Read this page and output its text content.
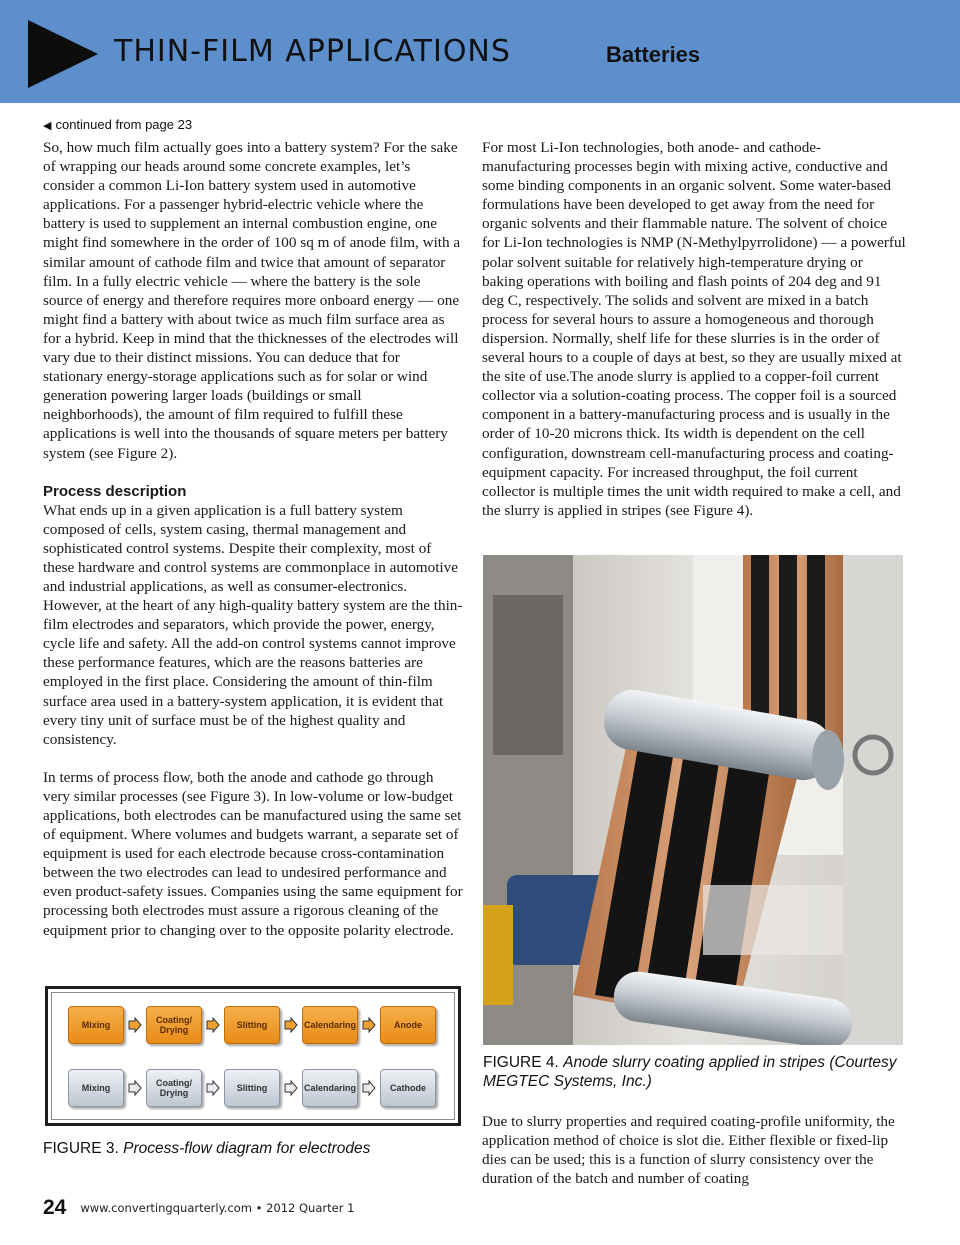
THIN-FILM APPLICATIONS	Batteries
◀ continued from page 23

So, how much film actually goes into a battery system? For the sake of wrapping our heads around some concrete examples, let’s consider a common Li-Ion battery system used in automotive applications. For a passenger hybrid-electric vehicle where the battery is used to supplement an internal combustion engine, one might find somewhere in the order of 100 sq m of anode film, with a similar amount of cathode film and twice that amount of separator film. In a fully electric vehicle — where the battery is the sole source of energy and therefore requires more onboard energy — one might find a battery with about twice as much film surface area as for a hybrid. Keep in mind that the thicknesses of the electrodes will vary due to their distinct missions. You can deduce that for stationary energy-storage applications such as for solar or wind generation powering larger loads (buildings or small neighborhoods), the amount of film required to fulfill these applications is well into the thousands of square meters per battery system (see Figure 2).

Process description

What ends up in a given application is a full battery system composed of cells, system casing, thermal management and sophisticated control systems. Despite their complexity, most of these hardware and control systems are commonplace in automotive and industrial applications, as well as consumer-electronics. However, at the heart of any high-quality battery system are the thin-film electrodes and separators, which provide the power, energy, cycle life and safety. All the add-on control systems cannot improve these performance features, which are the reasons batteries are employed in the first place. Considering the amount of thin-film surface area used in a battery-system application, it is evident that every tiny unit of surface must be of the highest quality and consistency.

In terms of process flow, both the anode and cathode go through very similar processes (see Figure 3). In low-volume or low-budget applications, both electrodes can be manufactured using the same set of equipment. Where volumes and budgets warrant, a separate set of equipment is used for each electrode because cross-contamination between the two electrodes can lead to undesired performance and even product-safety issues. Companies using the same equipment for processing both electrodes must assure a rigorous cleaning of the equipment prior to changing over to the opposite polarity electrode.

Mixing	Coating/
Drying	Slitting	Calendaring	Anode
Mixing	Coating/
Drying	Slitting	Calendaring	Cathode
FIGURE 3. Process-flow diagram for electrodes

For most Li-Ion technologies, both anode- and cathode-manufacturing processes begin with mixing active, conductive and some binding components in an organic solvent. Some water-based formulations have been developed to get away from the need for organic solvents and their flammable nature. The solvent of choice for Li-Ion technologies is NMP (N-Methylpyrrolidone) — a powerful polar solvent suitable for relatively high-temperature drying or baking operations with boiling and flash points of 204 deg and 91 deg C, respectively. The solids and solvent are mixed in a batch process for several hours to assure a homogeneous and thorough dispersion. Normally, shelf life for these slurries is in the order of several hours to a couple of days at best, so they are usually mixed at the site of use.The anode slurry is applied to a copper-foil current collector via a solution-coating process. The copper foil is a sourced component in a battery-manufacturing process and is usually in the order of 10-20 microns thick. Its width is dependent on the cell configuration, downstream cell-manufacturing process and coating-equipment capacity. For increased throughput, the foil current collector is multiple times the unit width required to make a cell, and the slurry is applied in stripes (see Figure 4).

FIGURE 4. Anode slurry coating applied in stripes (Courtesy MEGTEC Systems, Inc.)

Due to slurry properties and required coating-profile uniformity, the application method of choice is slot die. Either flexible or fixed-lip dies can be used; this is a function of slurry consistency over the duration of the batch and number of coating

24 www.convertingquarterly.com • 2012 Quarter 1
